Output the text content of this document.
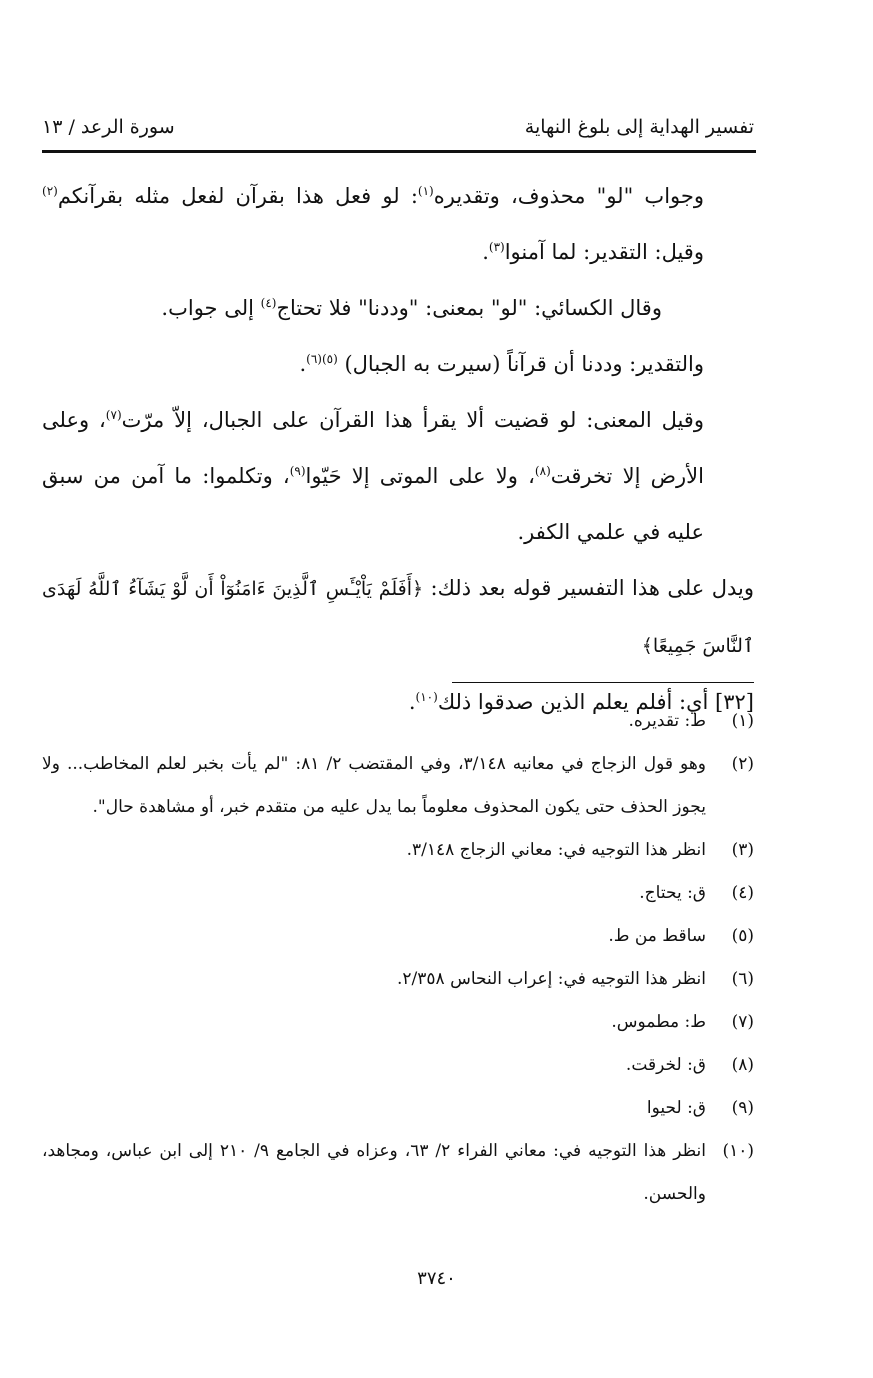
تفسير الهداية إلى بلوغ النهاية
سورة الرعد / ١٣

وجواب "لو" محذوف، وتقديره$^{(١)}$: لو فعل هذا بقرآن لفعل مثله بقرآنكم$^{(٢)}$ وقيل: التقدير: لما آمنوا$^{(٣)}$.

وقال الكسائي: "لو" بمعنى: "وددنا" فلا تحتاج$^{(٤)}$ إلى جواب.

والتقدير: وددنا أن قرآناً (سيرت به الجبال) $^{(٥)(٦)}$.

وقيل المعنى: لو قضيت ألا يقرأ هذا القرآن على الجبال، إلاّ مرّت$^{(٧)}$، وعلى الأرض إلا تخرقت$^{(٨)}$، ولا على الموتى إلا حَيّوا$^{(٩)}$، وتكلموا: ما آمن من سبق عليه في علمي الكفر.

ويدل على هذا التفسير قوله بعد ذلك: ﴿أَفَلَمْ يَاْيْـَٔسِ ٱلَّذِينَ ءَامَنُوٓاْ أَن لَّوْ يَشَآءُ ٱللَّهُ لَهَدَى ٱلنَّاسَ جَمِيعًا﴾

[٣٢] أي: أفلم يعلم الذين صدقوا ذلك$^{(١٠)}$.

(١)
ط: تقديره.
(٢)
وهو قول الزجاج في معانيه ٣/١٤٨، وفي المقتضب ٢/ ٨١: "لم يأت بخبر لعلم المخاطب... ولا يجوز الحذف حتى يكون المحذوف معلوماً بما يدل عليه من متقدم خبر، أو مشاهدة حال".
(٣)
انظر هذا التوجيه في: معاني الزجاج ٣/١٤٨.
(٤)
ق: يحتاج.
(٥)
ساقط من ط.
(٦)
انظر هذا التوجيه في: إعراب النحاس ٢/٣٥٨.
(٧)
ط: مطموس.
(٨)
ق: لخرقت.
(٩)
ق: لحيوا
(١٠)
انظر هذا التوجيه في: معاني الفراء ٢/ ٦٣، وعزاه في الجامع ٩/ ٢١٠ إلى ابن عباس، ومجاهد، والحسن.
٣٧٤٠
